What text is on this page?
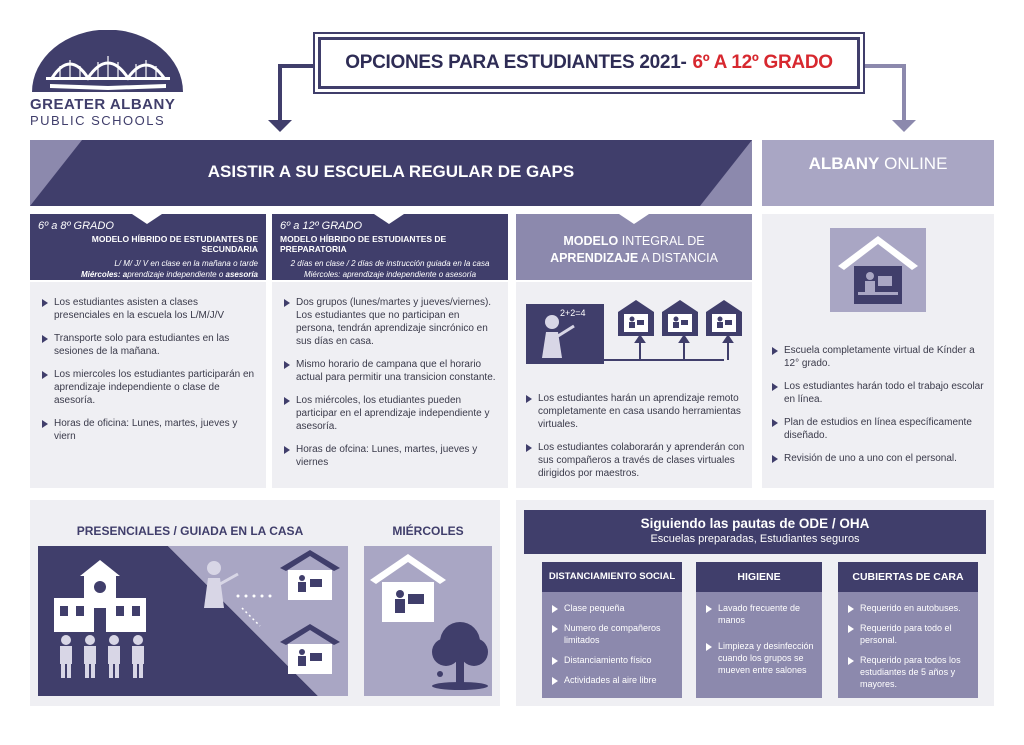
GREATER ALBANY
PUBLIC SCHOOLS
OPCIONES PARA ESTUDIANTES 2021- 6º A 12º GRADO
ASISTIR A SU ESCUELA REGULAR DE GAPS	ALBANY ONLINE
6º a 8º GRADO
MODELO HÍBRIDO DE ESTUDIANTES DE SECUNDARIA
L/ M/ J/ V en clase en la mañana o tarde
Miércoles: aprendizaje independiente o asesoría
6º a 12º GRADO
MODELO HÍBRIDO DE ESTUDIANTES DE PREPARATORIA
2 días en clase / 2 días de instrucción guiada en la casa
Miércoles: aprendizaje independiente o asesoría
MODELO INTEGRAL DE
APRENDIZAJE A DISTANCIA
Los estudiantes asisten a clases presenciales en la escuela los L/M/J/V
Transporte solo para estudiantes en las sesiones de la mañana.
Los miercoles los estudiantes participarán en aprendizaje independiente o clase de asesoría.
Horas de oficina: Lunes, martes, jueves y viern
Dos grupos (lunes/martes y jueves/viernes). Los estudiantes que no participan en persona, tendrán aprendizaje sincrónico en sus días en casa.
Mismo horario de campana que el horario actual para permitir una transicion constante.
Los miércoles, los etudiantes pueden participar en el aprendizaje independiente y asesoría.
Horas de ofcina: Lunes, martes, jueves y viernes
2+2=4
Los estudiantes harán un aprendizaje remoto completamente en casa usando herramientas virtuales.
Los estudiantes colaborarán y aprenderán con sus compañeros a través de clases virtuales dirigidos por maestros.
Escuela completamente virtual de Kínder a 12° grado.
Los estudiantes harán todo el trabajo escolar en línea.
Plan de estudios en línea específicamente diseñado.
Revisión de uno a uno con el personal.
PRESENCIALES / GUIADA EN LA CASA	MIÉRCOLES	Siguiendo las pautas de ODE / OHA
Escuelas preparadas, Estudiantes seguros
DISTANCIAMIENTO SOCIAL
Clase pequeña
Numero de compañeros limitados
Distanciamiento físico
Actividades al aire libre
HIGIENE
Lavado frecuente de manos
Limpieza y desinfección cuando los grupos se mueven entre salones
CUBIERTAS DE CARA
Requerido en autobuses.
Requerido para todo el personal.
Requerido para todos los estudiantes de 5 años y mayores.
